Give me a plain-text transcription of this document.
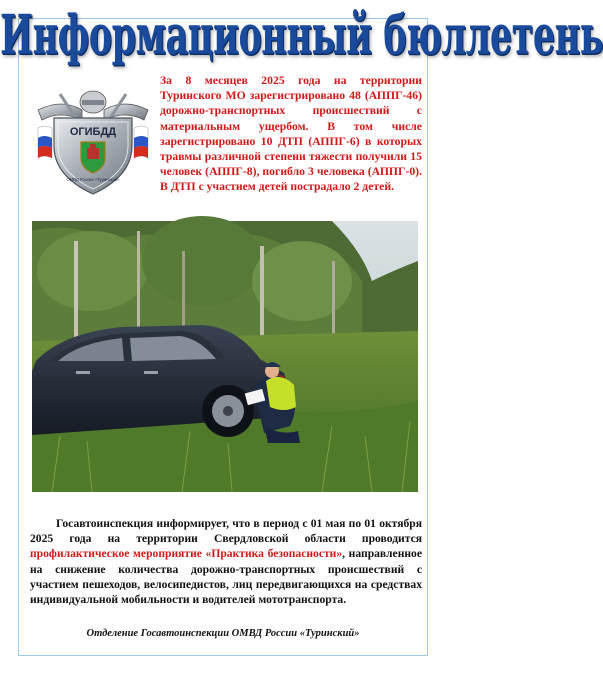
Информационный бюллетень
ОГИБДД
ОМВД России «Туринский»
За 8 месяцев 2025 года на территории Туринского МО зарегистрировано 48 (АППГ-46) дорожно-транспортных происшествий с материальным ущербом. В том числе зарегистрировано 10 ДТП (АППГ-6) в которых травмы различной степени тяжести получили 15 человек (АППГ-8), погибло 3 человека (АППГ-0). В ДТП с участием детей пострадало 2 детей.
Госавтоинспекция информирует, что в период с 01 мая по 01 октября 2025 года на территории Свердловской области проводится профилактическое мероприятие «Практика безопасности», направленное на снижение количества дорожно-транспортных происшествий с участием пешеходов, велосипедистов, лиц передвигающихся на средствах индивидуальной мобильности и водителей мототранспорта.
Отделение Госавтоинспекции ОМВД России «Туринский»
